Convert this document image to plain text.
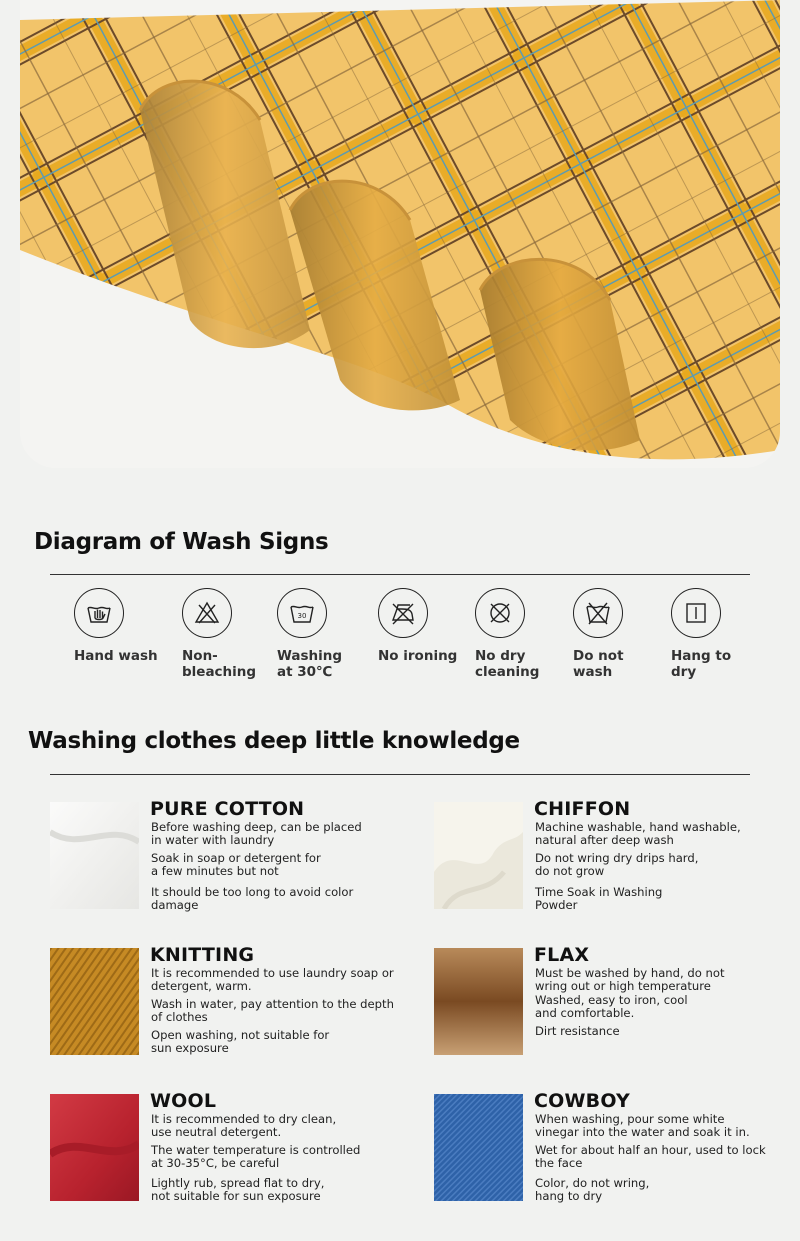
Diagram of Wash Signs
Hand wash	Non-
bleaching
30
Washing
at 30℃
No ironing	No dry
cleaning
Do not
wash
Hang to
dry
Washing clothes deep little knowledge
PURE COTTON

Before washing deep, can be placed
in water with laundry

Soak in soap or detergent for
a few minutes but not

It should be too long to avoid color
damage

CHIFFON

Machine washable, hand washable,
natural after deep wash

Do not wring dry drips hard,
do not grow

Time Soak in Washing
Powder

KNITTING

It is recommended to use laundry soap or
detergent, warm.

Wash in water, pay attention to the depth
of clothes

Open washing, not suitable for
sun exposure

FLAX

Must be washed by hand, do not
wring out or high temperature

Washed, easy to iron, cool
and comfortable.

Dirt resistance

WOOL

It is recommended to dry clean,
use neutral detergent.

The water temperature is controlled
at 30-35°C, be careful

Lightly rub, spread flat to dry,
not suitable for sun exposure

COWBOY

When washing, pour some white
vinegar into the water and soak it in.

Wet for about half an hour, used to lock
the face

Color, do not wring,
hang to dry
